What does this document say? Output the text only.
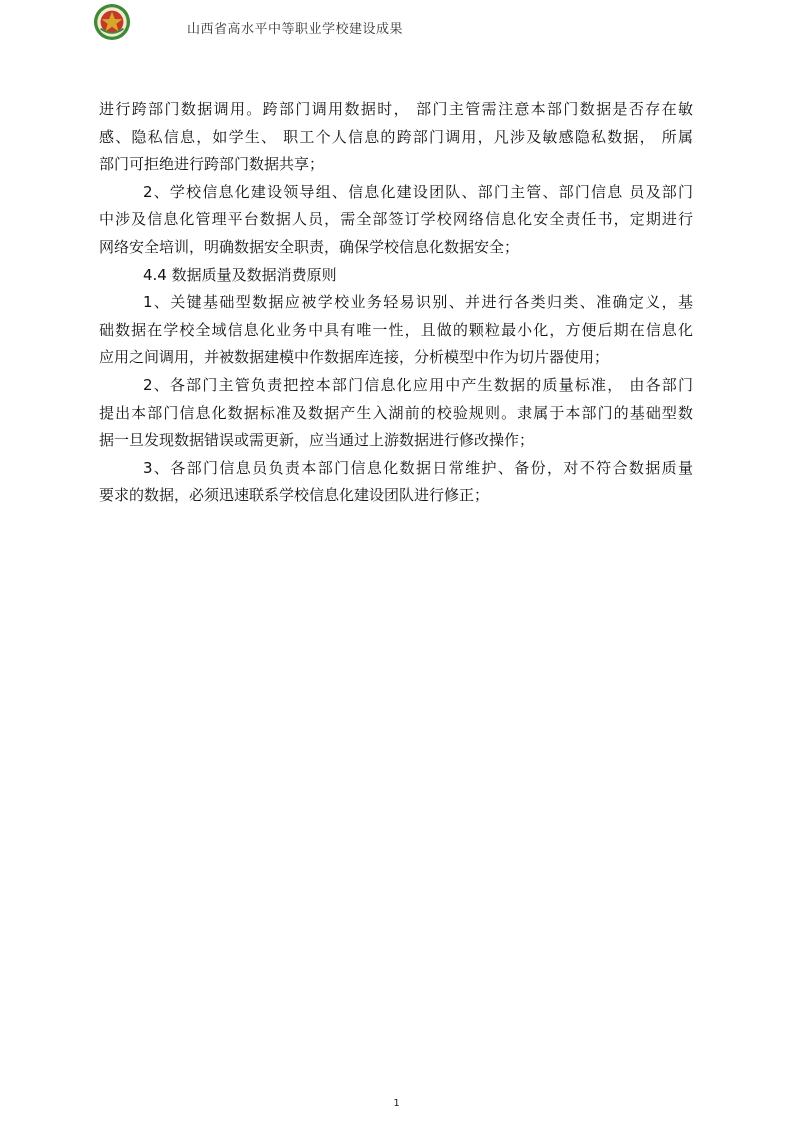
山西省高水平中等职业学校建设成果
进行跨部门数据调用。跨部门调用数据时， 部门主管需注意本部门数据是否存在敏
感、隐私信息，如学生、 职工个人信息的跨部门调用，凡涉及敏感隐私数据， 所属
部门可拒绝进行跨部门数据共享；
2、学校信息化建设领导组、信息化建设团队、部门主管、部门信息 员及部门
中涉及信息化管理平台数据人员，需全部签订学校网络信息化安全责任书，定期进行
网络安全培训，明确数据安全职责，确保学校信息化数据安全；
4.4 数据质量及数据消费原则
1、关键基础型数据应被学校业务轻易识别、并进行各类归类、准确定义，基
础数据在学校全域信息化业务中具有唯一性，且做的颗粒最小化，方便后期在信息化
应用之间调用，并被数据建模中作数据库连接，分析模型中作为切片器使用；
2、各部门主管负责把控本部门信息化应用中产生数据的质量标准， 由各部门
提出本部门信息化数据标准及数据产生入湖前的校验规则。隶属于本部门的基础型数
据一旦发现数据错误或需更新，应当通过上游数据进行修改操作；
3、各部门信息员负责本部门信息化数据日常维护、备份，对不符合数据质量
要求的数据，必须迅速联系学校信息化建设团队进行修正；
1
